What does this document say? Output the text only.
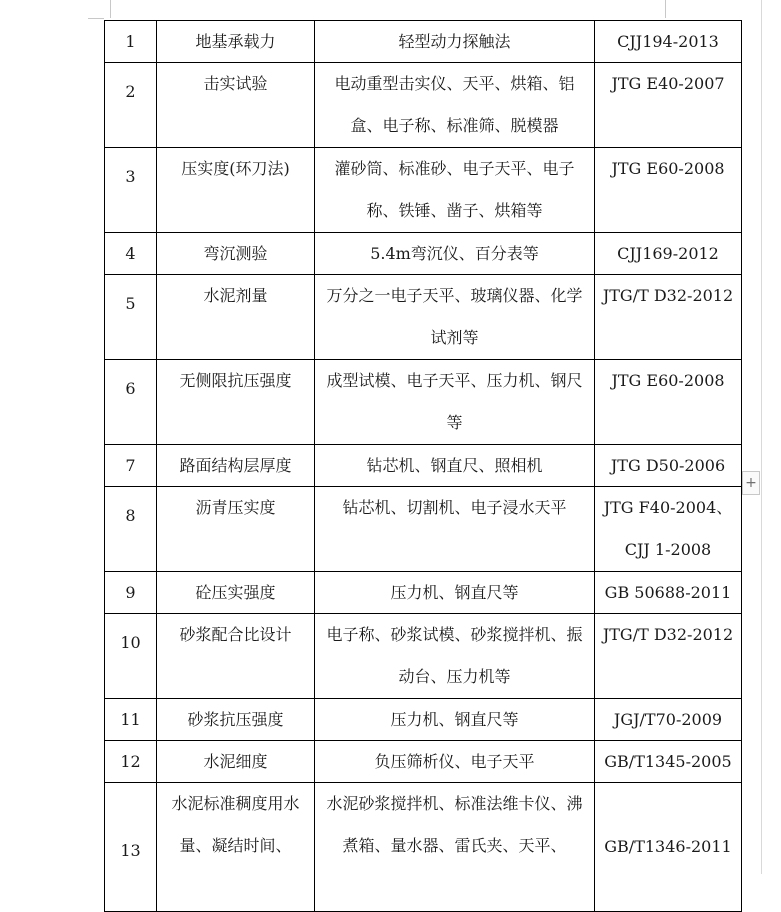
1	地基承载力	轻型动力探触法	CJJ194-2013
2	击实试验	电动重型击实仪、天平、烘箱、铝盒、电子称、标准筛、脱模器	JTG E40-2007
3	压实度(环刀法)	灌砂筒、标准砂、电子天平、电子称、铁锤、凿子、烘箱等	JTG E60-2008
4	弯沉测验	5.4m弯沉仪、百分表等	CJJ169-2012
5	水泥剂量	万分之一电子天平、玻璃仪器、化学试剂等	JTG/T D32-2012
6	无侧限抗压强度	成型试模、电子天平、压力机、钢尺等	JTG E60-2008
7	路面结构层厚度	钻芯机、钢直尺、照相机	JTG D50-2006
8	沥青压实度	钻芯机、切割机、电子浸水天平	JTG F40-2004、CJJ 1-2008
9	砼压实强度	压力机、钢直尺等	GB 50688-2011
10	砂浆配合比设计	电子称、砂浆试模、砂浆搅拌机、振动台、压力机等	JTG/T D32-2012
11	砂浆抗压强度	压力机、钢直尺等	JGJ/T70-2009
12	水泥细度	负压筛析仪、电子天平	GB/T1345-2005
13	水泥标准稠度用水量、凝结时间、	水泥砂浆搅拌机、标准法维卡仪、沸煮箱、量水器、雷氏夹、天平、	GB/T1346-2011
+
